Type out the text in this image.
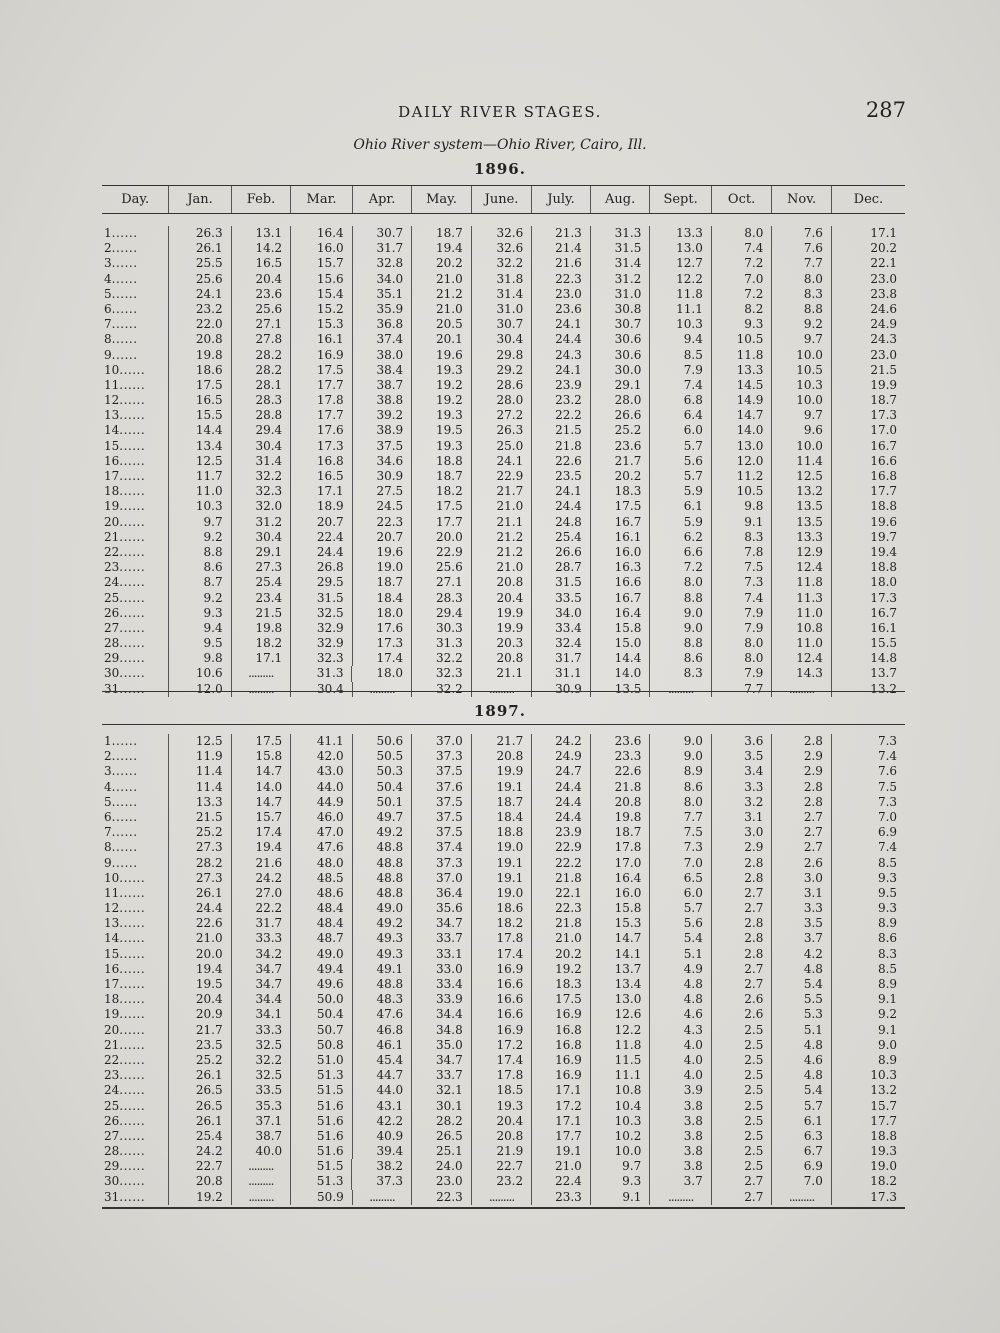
DAILY RIVER STAGES.	287
Ohio River system—Ohio River, Cairo, Ill.
Day.	Jan.	Feb.	Mar.	Apr.	May.	June.	July.	Aug.	Sept.	Oct.	Nov.	Dec.
1896.
1......	26.3	13.1	16.4	30.7	18.7	32.6	21.3	31.3	13.3	8.0	7.6	17.1
2......	26.1	14.2	16.0	31.7	19.4	32.6	21.4	31.5	13.0	7.4	7.6	20.2
3......	25.5	16.5	15.7	32.8	20.2	32.2	21.6	31.4	12.7	7.2	7.7	22.1
4......	25.6	20.4	15.6	34.0	21.0	31.8	22.3	31.2	12.2	7.0	8.0	23.0
5......	24.1	23.6	15.4	35.1	21.2	31.4	23.0	31.0	11.8	7.2	8.3	23.8
6......	23.2	25.6	15.2	35.9	21.0	31.0	23.6	30.8	11.1	8.2	8.8	24.6
7......	22.0	27.1	15.3	36.8	20.5	30.7	24.1	30.7	10.3	9.3	9.2	24.9
8......	20.8	27.8	16.1	37.4	20.1	30.4	24.4	30.6	9.4	10.5	9.7	24.3
9......	19.8	28.2	16.9	38.0	19.6	29.8	24.3	30.6	8.5	11.8	10.0	23.0
10......	18.6	28.2	17.5	38.4	19.3	29.2	24.1	30.0	7.9	13.3	10.5	21.5
11......	17.5	28.1	17.7	38.7	19.2	28.6	23.9	29.1	7.4	14.5	10.3	19.9
12......	16.5	28.3	17.8	38.8	19.2	28.0	23.2	28.0	6.8	14.9	10.0	18.7
13......	15.5	28.8	17.7	39.2	19.3	27.2	22.2	26.6	6.4	14.7	9.7	17.3
14......	14.4	29.4	17.6	38.9	19.5	26.3	21.5	25.2	6.0	14.0	9.6	17.0
15......	13.4	30.4	17.3	37.5	19.3	25.0	21.8	23.6	5.7	13.0	10.0	16.7
16......	12.5	31.4	16.8	34.6	18.8	24.1	22.6	21.7	5.6	12.0	11.4	16.6
17......	11.7	32.2	16.5	30.9	18.7	22.9	23.5	20.2	5.7	11.2	12.5	16.8
18......	11.0	32.3	17.1	27.5	18.2	21.7	24.1	18.3	5.9	10.5	13.2	17.7
19......	10.3	32.0	18.9	24.5	17.5	21.0	24.4	17.5	6.1	9.8	13.5	18.8
20......	9.7	31.2	20.7	22.3	17.7	21.1	24.8	16.7	5.9	9.1	13.5	19.6
21......	9.2	30.4	22.4	20.7	20.0	21.2	25.4	16.1	6.2	8.3	13.3	19.7
22......	8.8	29.1	24.4	19.6	22.9	21.2	26.6	16.0	6.6	7.8	12.9	19.4
23......	8.6	27.3	26.8	19.0	25.6	21.0	28.7	16.3	7.2	7.5	12.4	18.8
24......	8.7	25.4	29.5	18.7	27.1	20.8	31.5	16.6	8.0	7.3	11.8	18.0
25......	9.2	23.4	31.5	18.4	28.3	20.4	33.5	16.7	8.8	7.4	11.3	17.3
26......	9.3	21.5	32.5	18.0	29.4	19.9	34.0	16.4	9.0	7.9	11.0	16.7
27......	9.4	19.8	32.9	17.6	30.3	19.9	33.4	15.8	9.0	7.9	10.8	16.1
28......	9.5	18.2	32.9	17.3	31.3	20.3	32.4	15.0	8.8	8.0	11.0	15.5
29......	9.8	17.1	32.3	17.4	32.2	20.8	31.7	14.4	8.6	8.0	12.4	14.8
30......	10.6	.........	31.3	18.0	32.3	21.1	31.1	14.0	8.3	7.9	14.3	13.7
31......	12.0	.........	30.4	.........	32.2	.........	30.9	13.5	.........	7.7	.........	13.2
1897.
1......	12.5	17.5	41.1	50.6	37.0	21.7	24.2	23.6	9.0	3.6	2.8	7.3
2......	11.9	15.8	42.0	50.5	37.3	20.8	24.9	23.3	9.0	3.5	2.9	7.4
3......	11.4	14.7	43.0	50.3	37.5	19.9	24.7	22.6	8.9	3.4	2.9	7.6
4......	11.4	14.0	44.0	50.4	37.6	19.1	24.4	21.8	8.6	3.3	2.8	7.5
5......	13.3	14.7	44.9	50.1	37.5	18.7	24.4	20.8	8.0	3.2	2.8	7.3
6......	21.5	15.7	46.0	49.7	37.5	18.4	24.4	19.8	7.7	3.1	2.7	7.0
7......	25.2	17.4	47.0	49.2	37.5	18.8	23.9	18.7	7.5	3.0	2.7	6.9
8......	27.3	19.4	47.6	48.8	37.4	19.0	22.9	17.8	7.3	2.9	2.7	7.4
9......	28.2	21.6	48.0	48.8	37.3	19.1	22.2	17.0	7.0	2.8	2.6	8.5
10......	27.3	24.2	48.5	48.8	37.0	19.1	21.8	16.4	6.5	2.8	3.0	9.3
11......	26.1	27.0	48.6	48.8	36.4	19.0	22.1	16.0	6.0	2.7	3.1	9.5
12......	24.4	22.2	48.4	49.0	35.6	18.6	22.3	15.8	5.7	2.7	3.3	9.3
13......	22.6	31.7	48.4	49.2	34.7	18.2	21.8	15.3	5.6	2.8	3.5	8.9
14......	21.0	33.3	48.7	49.3	33.7	17.8	21.0	14.7	5.4	2.8	3.7	8.6
15......	20.0	34.2	49.0	49.3	33.1	17.4	20.2	14.1	5.1	2.8	4.2	8.3
16......	19.4	34.7	49.4	49.1	33.0	16.9	19.2	13.7	4.9	2.7	4.8	8.5
17......	19.5	34.7	49.6	48.8	33.4	16.6	18.3	13.4	4.8	2.7	5.4	8.9
18......	20.4	34.4	50.0	48.3	33.9	16.6	17.5	13.0	4.8	2.6	5.5	9.1
19......	20.9	34.1	50.4	47.6	34.4	16.6	16.9	12.6	4.6	2.6	5.3	9.2
20......	21.7	33.3	50.7	46.8	34.8	16.9	16.8	12.2	4.3	2.5	5.1	9.1
21......	23.5	32.5	50.8	46.1	35.0	17.2	16.8	11.8	4.0	2.5	4.8	9.0
22......	25.2	32.2	51.0	45.4	34.7	17.4	16.9	11.5	4.0	2.5	4.6	8.9
23......	26.1	32.5	51.3	44.7	33.7	17.8	16.9	11.1	4.0	2.5	4.8	10.3
24......	26.5	33.5	51.5	44.0	32.1	18.5	17.1	10.8	3.9	2.5	5.4	13.2
25......	26.5	35.3	51.6	43.1	30.1	19.3	17.2	10.4	3.8	2.5	5.7	15.7
26......	26.1	37.1	51.6	42.2	28.2	20.4	17.1	10.3	3.8	2.5	6.1	17.7
27......	25.4	38.7	51.6	40.9	26.5	20.8	17.7	10.2	3.8	2.5	6.3	18.8
28......	24.2	40.0	51.6	39.4	25.1	21.9	19.1	10.0	3.8	2.5	6.7	19.3
29......	22.7	.........	51.5	38.2	24.0	22.7	21.0	9.7	3.8	2.5	6.9	19.0
30......	20.8	.........	51.3	37.3	23.0	23.2	22.4	9.3	3.7	2.7	7.0	18.2
31......	19.2	.........	50.9	.........	22.3	.........	23.3	9.1	.........	2.7	.........	17.3
